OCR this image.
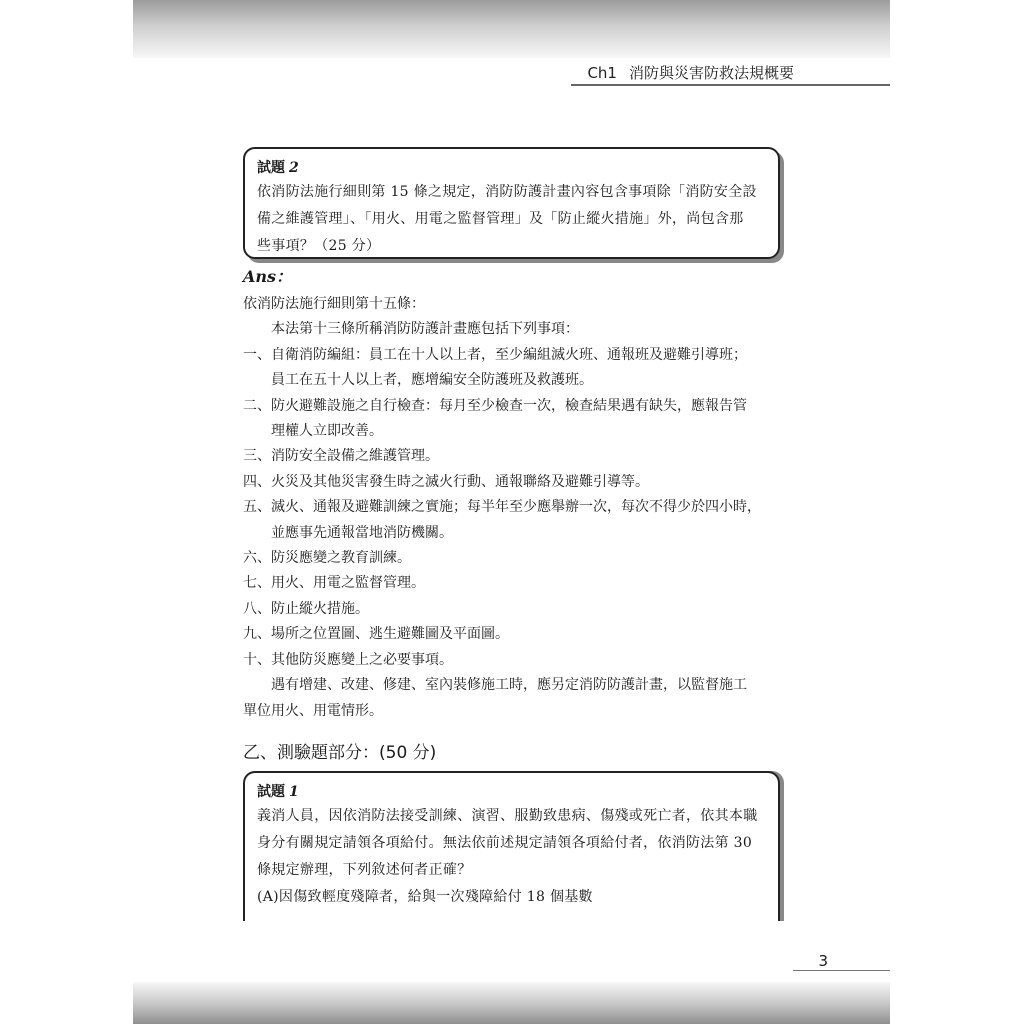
Ch1 消防與災害防救法規概要
試題 2

依消防法施行細則第 15 條之規定，消防防護計畫內容包含事項除「消防安全設

備之維護管理」、「用火、用電之監督管理」及「防止縱火措施」外，尚包含那

些事項？（25 分）

Ans：

依消防法施行細則第十五條：

本法第十三條所稱消防防護計畫應包括下列事項：

一、自衛消防編組：員工在十人以上者，至少編組滅火班、通報班及避難引導班；

員工在五十人以上者，應增編安全防護班及救護班。

二、防火避難設施之自行檢查：每月至少檢查一次，檢查結果遇有缺失，應報告管

理權人立即改善。

三、消防安全設備之維護管理。

四、火災及其他災害發生時之滅火行動、通報聯絡及避難引導等。

五、滅火、通報及避難訓練之實施；每半年至少應舉辦一次，每次不得少於四小時，

並應事先通報當地消防機關。

六、防災應變之教育訓練。

七、用火、用電之監督管理。

八、防止縱火措施。

九、場所之位置圖、逃生避難圖及平面圖。

十、其他防災應變上之必要事項。

遇有增建、改建、修建、室內裝修施工時，應另定消防防護計畫，以監督施工

單位用火、用電情形。

乙、測驗題部分：(50 分)
試題 1

義消人員，因依消防法接受訓練、演習、服勤致患病、傷殘或死亡者，依其本職

身分有關規定請領各項給付。無法依前述規定請領各項給付者，依消防法第 30

條規定辦理，下列敘述何者正確？

(A)因傷致輕度殘障者，給與一次殘障給付 18 個基數

3
